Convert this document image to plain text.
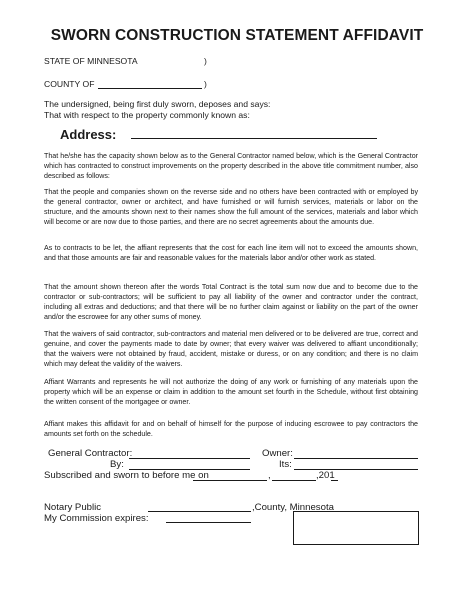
SWORN CONSTRUCTION STATEMENT AFFIDAVIT
STATE OF MINNESOTA	)
COUNTY OF	)
The undersigned, being first duly sworn, deposes and says:
That with respect to the property commonly known as:
Address:
That he/she has the capacity shown below as to the General Contractor named below, which is the General Contractor which has contracted to construct improvements on the property described in the above title commitment number, also described as follows:
That the people and companies shown on the reverse side and no others have been contracted with or employed by the general contractor, owner or architect, and have furnished or will furnish services, materials or labor on the structure, and the amounts shown next to their names show the full amount of the services, materials and labor which will become or are now due to those parties, and there are no secret agreements about the amounts due.
As to contracts to be let, the affiant represents that the cost for each line item will not to exceed the amounts shown, and that those amounts are fair and reasonable values for the materials labor and/or other work as stated.
That the amount shown thereon after the words Total Contract is the total sum now due and to become due to the contractor or sub-contractors; will be sufficient to pay all liability of the owner and contractor under the contract, including all extras and deductions; and that there will be no further claim against or liability on the part of the owner and/or the escrowee for any other sums of money.
That the waivers of said contractor, sub-contractors and material men delivered or to be delivered are true, correct and genuine, and cover the payments made to date by owner; that every waiver was delivered to affiant unconditionally; that the waivers were not obtained by fraud, accident, mistake or duress, or on any condition; and there is no claim which may defeat the validity of the waivers.
Affiant Warrants and represents he will not authorize the doing of any work or furnishing of any materials upon the property which will be an expense or claim in addition to the amount set fourth in the Schedule, without first obtaining the written consent of the mortgagee or owner.
Affiant makes this affidavit for and on behalf of himself for the purpose of inducing escrowee to pay contractors the amounts set forth on the schedule.
General Contractor:	Owner:
By:	Its:
Subscribed and sworn to before me on	,	,201
Notary Public	,County, Minnesota
My Commission expires:
